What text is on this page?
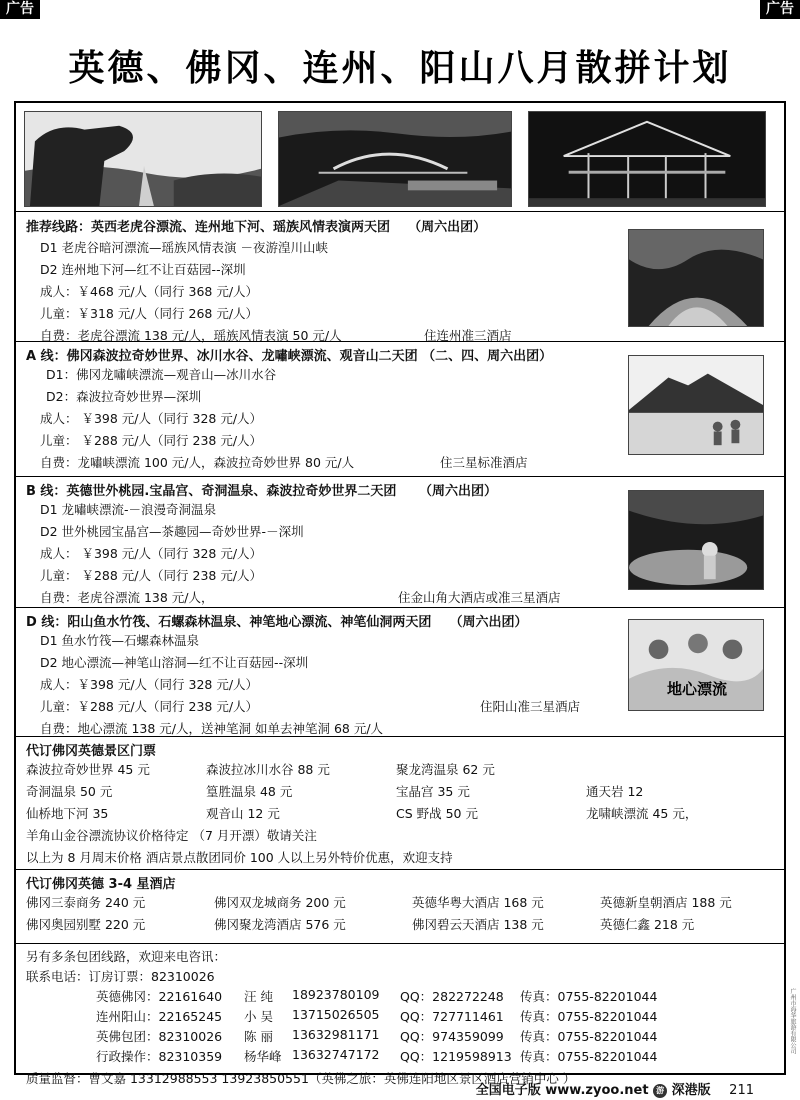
广告	广告
英德、佛冈、连州、阳山八月散拼计划
推荐线路：英西老虎谷漂流、连州地下河、瑶族风情表演两天团 （周六出团）
D1 老虎谷暗河漂流—瑶族风情表演 －夜游湟川山峡
D2 连州地下河—红不让百菇园--深圳
成人：￥468 元/人（同行 368 元/人）
儿童：￥318 元/人（同行 268 元/人）
自费：老虎谷漂流 138 元/人，瑶族风情表演 50 元/人	住连州准三酒店
A 线：佛冈森波拉奇妙世界、冰川水谷、龙嘯峡漂流、观音山二天团 （二、四、周六出团）
D1：佛冈龙嘯峡漂流—观音山—冰川水谷
D2：森波拉奇妙世界—深圳
成人： ￥398 元/人（同行 328 元/人）
儿童： ￥288 元/人（同行 238 元/人）
自费：龙嘯峡漂流 100 元/人，森波拉奇妙世界 80 元/人	住三星标准酒店
B 线：英德世外桃园.宝晶宫、奇洞温泉、森波拉奇妙世界二天团 （周六出团）
D1 龙嘯峡漂流-－浪漫奇洞温泉
D2 世外桃园宝晶宫—茶趣园—奇妙世界-－深圳
成人： ￥398 元/人（同行 328 元/人）
儿童： ￥288 元/人（同行 238 元/人）
自费：老虎谷漂流 138 元/人，	住金山角大酒店或准三星酒店
D 线：阳山鱼水竹筏、石螺森林温泉、神笔地心漂流、神笔仙洞两天团 （周六出团）
D1 鱼水竹筏—石螺森林温泉
D2 地心漂流—神笔山溶洞—红不让百菇园--深圳
成人：￥398 元/人（同行 328 元/人）
儿童：￥288 元/人（同行 238 元/人）	住阳山准三星酒店
自费：地心漂流 138 元/人，送神笔洞 如单去神笔洞 68 元/人
地心漂流
代订佛冈英德景区门票
森波拉奇妙世界 45 元	森波拉冰川水谷 88 元	聚龙湾温泉 62 元
奇洞温泉 50 元	篁胜温泉 48 元	宝晶宫 35 元	通天岩 12
仙桥地下河 35	观音山 12 元	CS 野战 50 元	龙啸峡漂流 45 元，
羊角山金谷漂流协议价格待定 （7 月开漂）敬请关注
以上为 8 月周末价格 酒店景点散团同价 100 人以上另外特价优惠，欢迎支持
代订佛冈英德 3-4 星酒店
佛冈三泰商务 240 元	佛冈双龙城商务 200 元	英德华粤大酒店 168 元	英德新皇朝酒店 188 元
佛冈奥园别墅 220 元	佛冈聚龙湾酒店 576 元	佛冈碧云天酒店 138 元	英德仁鑫 218 元
另有多条包团线路，欢迎来电咨讯：
联系电话：订房订票：82310026
英德佛冈：22161640 汪 纯 18923780109 QQ：282272248 传真：0755-82201044
连州阳山：22165245 小 吴 13715026505 QQ：727711461 传真：0755-82201044
英佛包团：82310026 陈 丽 13632981171 QQ：974359099 传真：0755-82201044
行政操作：82310359 杨华峰 13632747172 QQ：1219598913 传真：0755-82201044
质量监督：曹文嘉 13312988553 13923850551（英佛之旅：英佛连阳地区景区酒店营销中心 ）
广州市海华旅游有限公司
全国电子版 www.zyoo.net 游 深港版 211
